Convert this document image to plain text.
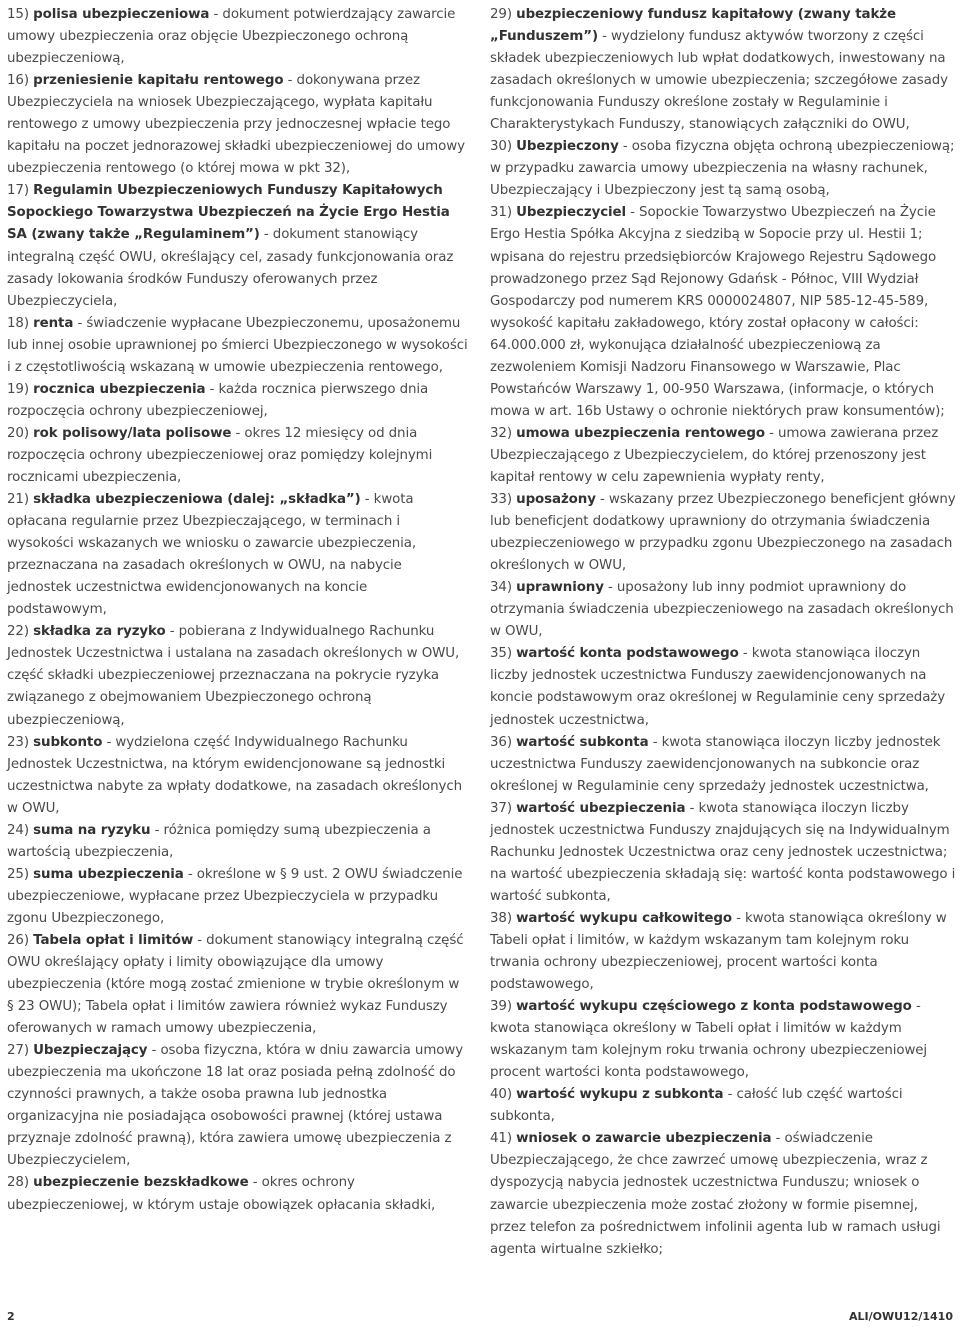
15) polisa ubezpieczeniowa - dokument potwierdzający zawarcie umowy ubezpieczenia oraz objęcie Ubezpieczonego ochroną ubezpieczeniową,

16) przeniesienie kapitału rentowego - dokonywana przez Ubezpieczyciela na wniosek Ubezpieczającego, wypłata kapitału rentowego z umowy ubezpieczenia przy jednoczesnej wpłacie tego kapitału na poczet jednorazowej składki ubezpieczeniowej do umowy ubezpieczenia rentowego (o której mowa w pkt 32),

17) Regulamin Ubezpieczeniowych Funduszy Kapitałowych Sopockiego Towarzystwa Ubezpieczeń na Życie Ergo Hestia SA (zwany także „Regulaminem”) - dokument stanowiący integralną część OWU, określający cel, zasady funkcjonowania oraz zasady lokowania środków Funduszy oferowanych przez Ubezpieczyciela,

18) renta - świadczenie wypłacane Ubezpieczonemu, uposażonemu lub innej osobie uprawnionej po śmierci Ubezpieczonego w wysokości i z częstotliwością wskazaną w umowie ubezpieczenia rentowego,

19) rocznica ubezpieczenia - każda rocznica pierwszego dnia rozpoczęcia ochrony ubezpieczeniowej,

20) rok polisowy/lata polisowe - okres 12 miesięcy od dnia rozpoczęcia ochrony ubezpieczeniowej oraz pomiędzy kolejnymi rocznicami ubezpieczenia,

21) składka ubezpieczeniowa (dalej: „składka”) - kwota opłacana regularnie przez Ubezpieczającego, w terminach i wysokości wskazanych we wniosku o zawarcie ubezpieczenia, przeznaczana na zasadach określonych w OWU, na nabycie jednostek uczestnictwa ewidencjonowanych na koncie podstawowym,

22) składka za ryzyko - pobierana z Indywidualnego Rachunku Jednostek Uczestnictwa i ustalana na zasadach określonych w OWU, część składki ubezpieczeniowej przeznaczana na pokrycie ryzyka związanego z obejmowaniem Ubezpieczonego ochroną ubezpieczeniową,

23) subkonto - wydzielona część Indywidualnego Rachunku Jednostek Uczestnictwa, na którym ewidencjonowane są jednostki uczestnictwa nabyte za wpłaty dodatkowe, na zasadach określonych w OWU,

24) suma na ryzyku - różnica pomiędzy sumą ubezpieczenia a wartością ubezpieczenia,

25) suma ubezpieczenia - określone w § 9 ust. 2 OWU świadczenie ubezpieczeniowe, wypłacane przez Ubezpieczyciela w przypadku zgonu Ubezpieczonego,

26) Tabela opłat i limitów - dokument stanowiący integralną część OWU określający opłaty i limity obowiązujące dla umowy ubezpieczenia (które mogą zostać zmienione w trybie określonym w § 23 OWU); Tabela opłat i limitów zawiera również wykaz Funduszy oferowanych w ramach umowy ubezpieczenia,

27) Ubezpieczający - osoba fizyczna, która w dniu zawarcia umowy ubezpieczenia ma ukończone 18 lat oraz posiada pełną zdolność do czynności prawnych, a także osoba prawna lub jednostka organizacyjna nie posiadająca osobowości prawnej (której ustawa przyznaje zdolność prawną), która zawiera umowę ubezpieczenia z Ubezpieczycielem,

28) ubezpieczenie bezskładkowe - okres ochrony ubezpieczeniowej, w którym ustaje obowiązek opłacania składki,

29) ubezpieczeniowy fundusz kapitałowy (zwany także „Funduszem”) - wydzielony fundusz aktywów tworzony z części składek ubezpieczeniowych lub wpłat dodatkowych, inwestowany na zasadach określonych w umowie ubezpieczenia; szczegółowe zasady funkcjonowania Funduszy określone zostały w Regulaminie i Charakterystykach Funduszy, stanowiących załączniki do OWU,

30) Ubezpieczony - osoba fizyczna objęta ochroną ubezpieczeniową; w przypadku zawarcia umowy ubezpieczenia na własny rachunek, Ubezpieczający i Ubezpieczony jest tą samą osobą,

31) Ubezpieczyciel - Sopockie Towarzystwo Ubezpieczeń na Życie Ergo Hestia Spółka Akcyjna z siedzibą w Sopocie przy ul. Hestii 1; wpisana do rejestru przedsiębiorców Krajowego Rejestru Sądowego prowadzonego przez Sąd Rejonowy Gdańsk - Północ, VIII Wydział Gospodarczy pod numerem KRS 0000024807, NIP 585-12-45-589, wysokość kapitału zakładowego, który został opłacony w całości: 64.000.000 zł, wykonująca działalność ubezpieczeniową za zezwoleniem Komisji Nadzoru Finansowego w Warszawie, Plac Powstańców Warszawy 1, 00-950 Warszawa, (informacje, o których mowa w art. 16b Ustawy o ochronie niektórych praw konsumentów);

32) umowa ubezpieczenia rentowego - umowa zawierana przez Ubezpieczającego z Ubezpieczycielem, do której przenoszony jest kapitał rentowy w celu zapewnienia wypłaty renty,

33) uposażony - wskazany przez Ubezpieczonego beneficjent główny lub beneficjent dodatkowy uprawniony do otrzymania świadczenia ubezpieczeniowego w przypadku zgonu Ubezpieczonego na zasadach określonych w OWU,

34) uprawniony - uposażony lub inny podmiot uprawniony do otrzymania świadczenia ubezpieczeniowego na zasadach określonych w OWU,

35) wartość konta podstawowego - kwota stanowiąca iloczyn liczby jednostek uczestnictwa Funduszy zaewidencjonowanych na koncie podstawowym oraz określonej w Regulaminie ceny sprzedaży jednostek uczestnictwa,

36) wartość subkonta - kwota stanowiąca iloczyn liczby jednostek uczestnictwa Funduszy zaewidencjonowanych na subkoncie oraz określonej w Regulaminie ceny sprzedaży jednostek uczestnictwa,

37) wartość ubezpieczenia - kwota stanowiąca iloczyn liczby jednostek uczestnictwa Funduszy znajdujących się na Indywidualnym Rachunku Jednostek Uczestnictwa oraz ceny jednostek uczestnictwa; na wartość ubezpieczenia składają się: wartość konta podstawowego i wartość subkonta,

38) wartość wykupu całkowitego - kwota stanowiąca określony w Tabeli opłat i limitów, w każdym wskazanym tam kolejnym roku trwania ochrony ubezpieczeniowej, procent wartości konta podstawowego,

39) wartość wykupu częściowego z konta podstawowego - kwota stanowiąca określony w Tabeli opłat i limitów w każdym wskazanym tam kolejnym roku trwania ochrony ubezpieczeniowej procent wartości konta podstawowego,

40) wartość wykupu z subkonta - całość lub część wartości subkonta,

41) wniosek o zawarcie ubezpieczenia - oświadczenie Ubezpieczającego, że chce zawrzeć umowę ubezpieczenia, wraz z dyspozycją nabycia jednostek uczestnictwa Funduszu; wniosek o zawarcie ubezpieczenia może zostać złożony w formie pisemnej, przez telefon za pośrednictwem infolinii agenta lub w ramach usługi agenta wirtualne szkiełko;

2	ALI/OWU12/1410
